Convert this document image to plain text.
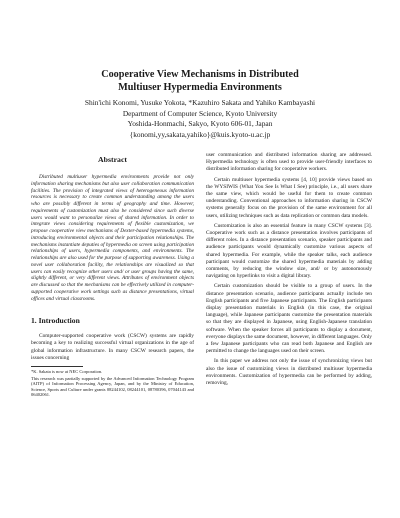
Cooperative View Mechanisms in Distributed
Multiuser Hypermedia Environments
Shin'ichi Konomi, Yusuke Yokota, *Kazuhiro Sakata and Yahiko Kambayashi
Department of Computer Science, Kyoto University
Yoshida-Honmachi, Sakyo, Kyoto 606-01, Japan
{konomi,yy,sakata,yahiko}@kuis.kyoto-u.ac.jp
Abstract

Distributed multiuser hypermedia environments provide not only information sharing mechanisms but also user collaboration communication facilities. The provision of integrated views of heterogeneous information resources is necessary to create common understanding among the users who are possibly different in terms of geography and time. However, requirements of customization must also be considered since such diverse users would want to personalize views of shared information. In order to integrate views considering requirements of flexible customization, we propose cooperative view mechanisms of Dexter-based hypermedia systems, introducing environmental objects and their participation relationships. The mechanisms instantiate deputies of hypermedia on screen using participation relationships of users, hypermedia components, and environments. The relationships are also used for the purpose of supporting awareness. Using a novel user collaboration facility, the relationships are visualized so that users can easily recognize other users and/ or user groups having the same, slightly different, or very different views. Attributes of environment objects are discussed so that the mechanisms can be effectively utilized in computer-supported cooperative work settings such as distance presentations, virtual offices and virtual classrooms.

1. Introduction

Computer-supported cooperative work (CSCW) systems are rapidly becoming a key to realizing successful virtual organizations in the age of global information infrastructure. In many CSCW research papers, the issues concerning

*K. Sakata is now at NEC Corporation.

This research was partially supported by the Advanced Information Technology Program (AITP) of Information Processing Agency, Japan, and by the Ministry of Education, Science, Sports and Culture under grants 08244102, 08244101, 08780396, 07044143 and 06402061.

user communication and distributed information sharing are addressed. Hypermedia technology is often used to provide user-friendly interfaces to distributed information sharing for cooperative workers.

Certain multiuser hypermedia systems [4, 10] provide views based on the WYSIWIS (What You See Is What I See) principle, i.e., all users share the same view, which would be useful for them to create common understanding. Conventional approaches to information sharing in CSCW systems generally focus on the provision of the same environment for all users, utilizing techniques such as data replication or common data models.

Customization is also an essential feature in many CSCW systems [3]. Cooperative work such as a distance presentation involves participants of different roles. In a distance presentation scenario, speaker participants and audience participants would dynamically customize various aspects of shared hypermedia. For example, while the speaker talks, each audience participant would customize the shared hypermedia materials by adding comments, by reducing the window size, and/ or by autonomously navigating on hyperlinks to visit a digital library.

Certain customization should be visible to a group of users. In the distance presentation scenario, audience participants actually include ten English participants and five Japanese participants. The English participants display presentation materials in English (in this case, the original language), while Japanese participants customize the presentation materials so that they are displayed in Japanese, using English-Japanese translation software. When the speaker forces all participants to display a document, everyone displays the same document, however, in different languages. Only a few Japanese participants who can read both Japanese and English are permitted to change the languages used on their screen.

In this paper we address not only the issue of synchronizing views but also the issue of customizing views in distributed multiuser hypermedia environments. Customization of hypermedia can be performed by adding, removing,
